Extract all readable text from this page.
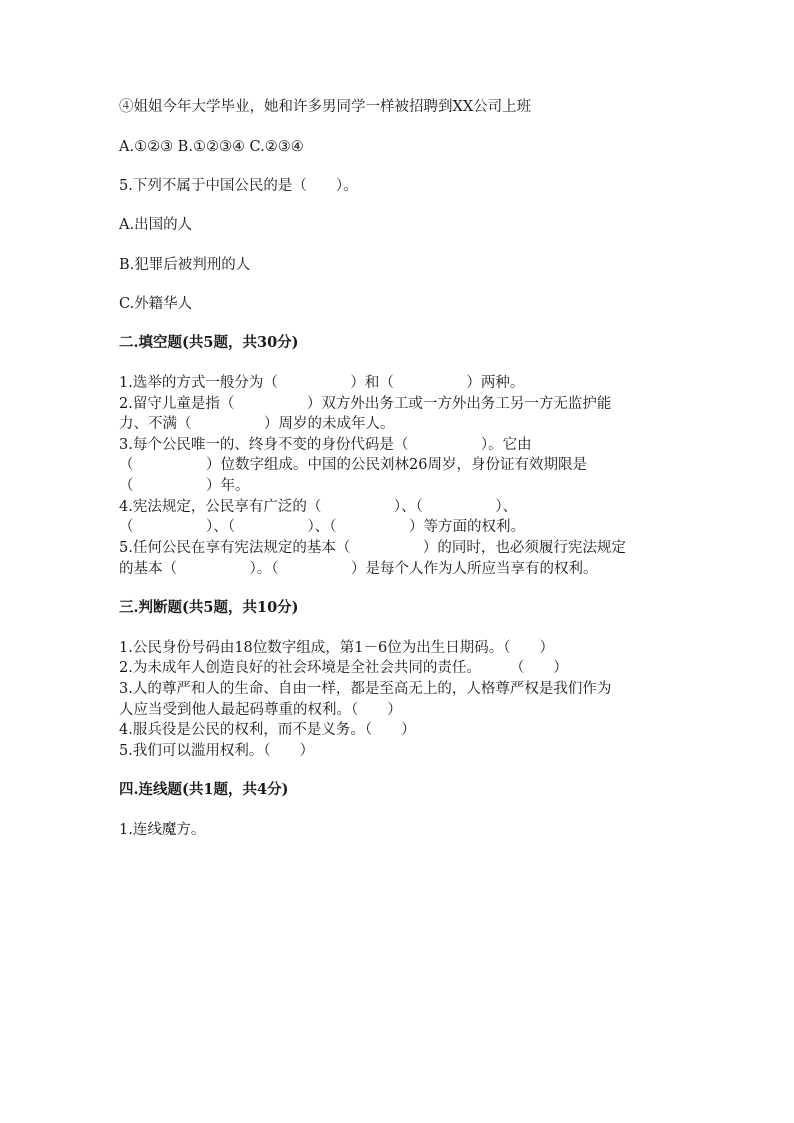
④姐姐今年大学毕业，她和许多男同学一样被招聘到XX公司上班
A.①②③ B.①②③④ C.②③④
5.下列不属于中国公民的是（　　）。
A.出国的人
B.犯罪后被判刑的人
C.外籍华人
二.填空题(共5题，共30分)
1.选举的方式一般分为（　　　　　）和（　　　　　）两种。
2.留守儿童是指（　　　　　）双方外出务工或一方外出务工另一方无监护能
力、不满（　　　　　）周岁的未成年人。
3.每个公民唯一的、终身不变的身份代码是（　　　　　）。它由
（　　　　　）位数字组成。中国的公民刘林26周岁，身份证有效期限是
（　　　　　）年。
4.宪法规定，公民享有广泛的（　　　　　）、（　　　　　）、
（　　　　　）、（　　　　　）、（　　　　　）等方面的权利。
5.任何公民在享有宪法规定的基本（　　　　　）的同时，也必须履行宪法规定
的基本（　　　　　）。（　　　　　）是每个人作为人所应当享有的权利。
三.判断题(共5题，共10分)
1.公民身份号码由18位数字组成，第1－6位为出生日期码。（　　）
2.为未成年人创造良好的社会环境是全社会共同的责任。　　　（　　）
3.人的尊严和人的生命、自由一样，都是至高无上的，人格尊严权是我们作为
人应当受到他人最起码尊重的权利。（　　）
4.服兵役是公民的权利，而不是义务。（　　）
5.我们可以滥用权利。（　　）
四.连线题(共1题，共4分)
1.连线魔方。
